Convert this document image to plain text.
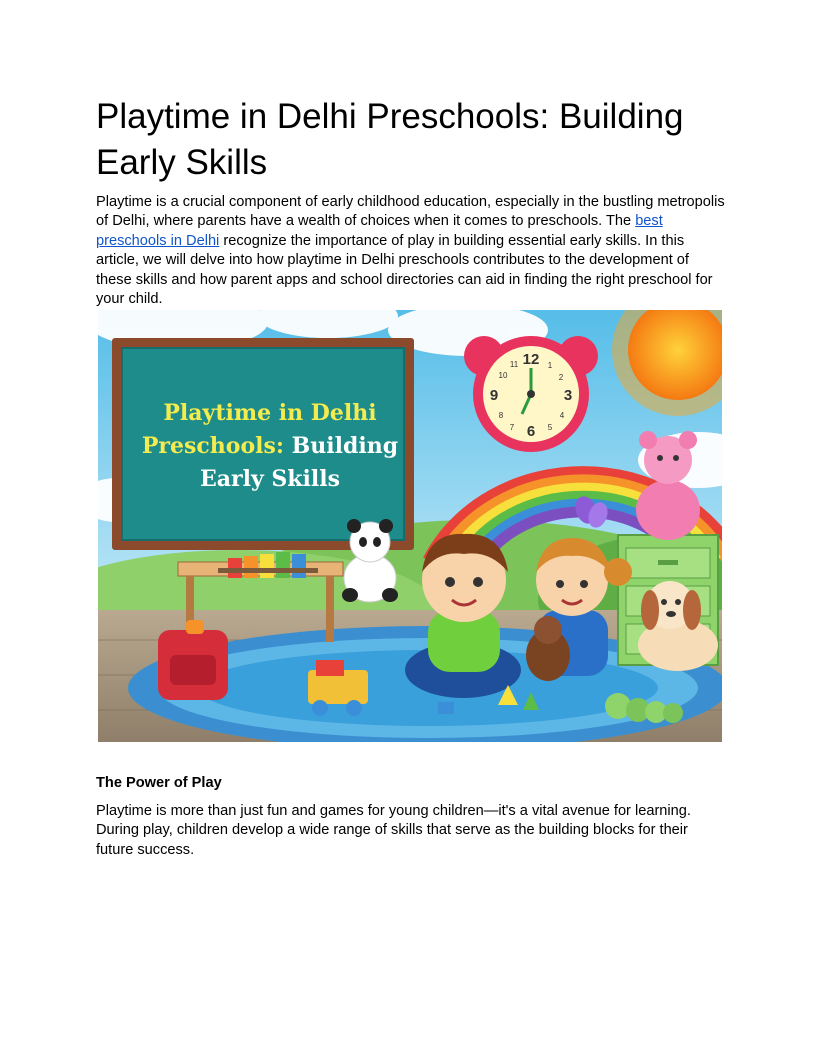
Playtime in Delhi Preschools: Building Early Skills

Playtime is a crucial component of early childhood education, especially in the bustling metropolis of Delhi, where parents have a wealth of choices when it comes to preschools. The best preschools in Delhi recognize the importance of play in building essential early skills. In this article, we will delve into how playtime in Delhi preschools contributes to the development of these skills and how parent apps and school directories can aid in finding the right preschool for your child.

Playtime in Delhi
Preschools: Building
Early Skills
12
3
6
9
10
11	1
2
4
5
7
8
The Power of Play

Playtime is more than just fun and games for young children—it's a vital avenue for learning. During play, children develop a wide range of skills that serve as the building blocks for their future success.
